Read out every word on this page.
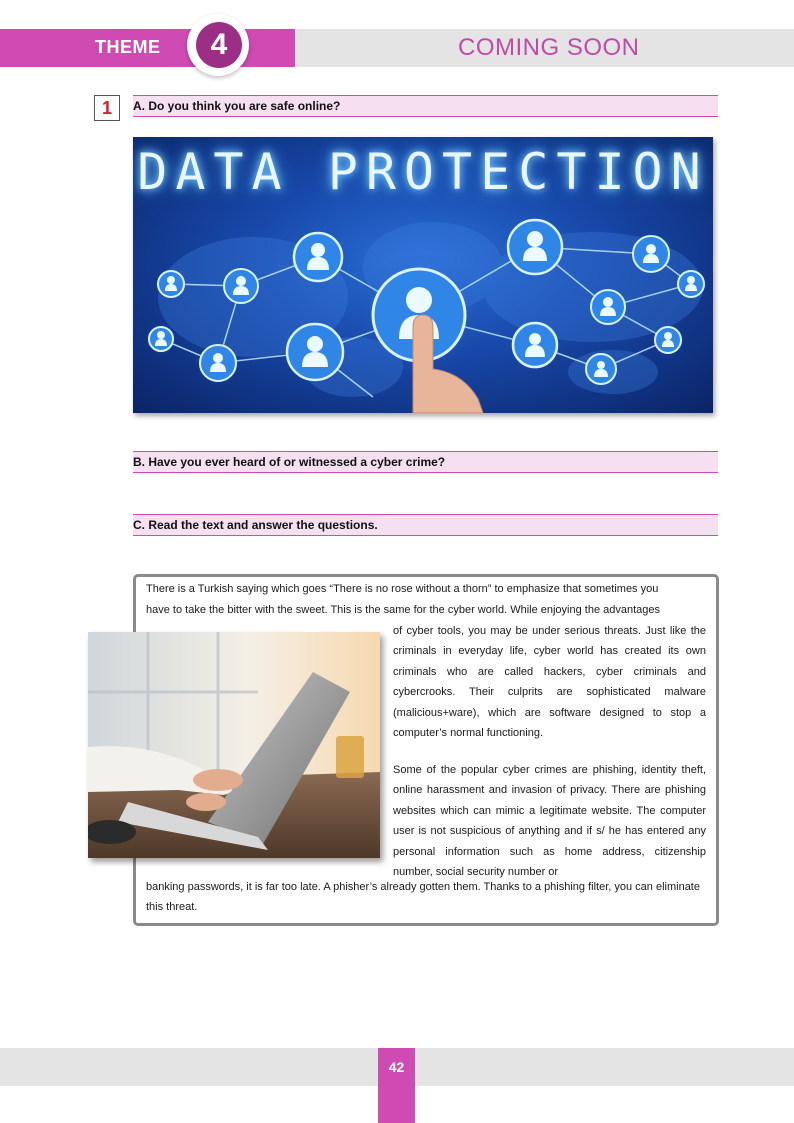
THEME	4	COMING SOON
1	A. Do you think you are safe online?
DATA PROTECTION
B. Have you ever heard of or witnessed a cyber crime?
C. Read the text and answer the questions.
There is a Turkish saying which goes “There is no rose without a thorn” to emphasize that sometimes you
have to take the bitter with the sweet. This is the same for the cyber world. While enjoying the advantages
of cyber tools, you may be under serious threats. Just like the criminals in everyday life, cyber world has created its own criminals who are called hackers, cyber criminals and cybercrooks. Their culprits are sophisticated malware (malicious+ware), which are software designed to stop a computer’s normal functioning.
Some of the popular cyber crimes are phishing, identity theft, online harassment and invasion of privacy. There are phishing websites which can mimic a legitimate website. The computer user is not suspicious of anything and if s/ he has entered any personal information such as home address, citizenship number, social security number or
banking passwords, it is far too late. A phisher’s already gotten them. Thanks to a phishing filter, you can eliminate this threat.
42
